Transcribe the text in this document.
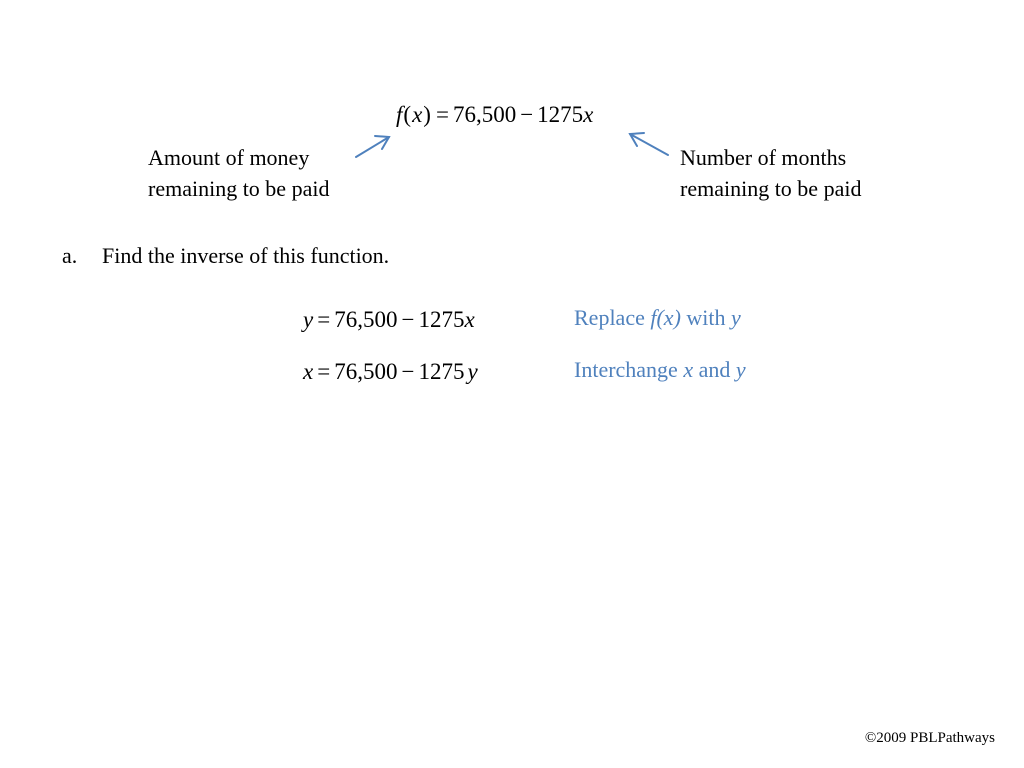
f(x) = 76,500 − 1275x
Amount of money
remaining to be paid
Number of months
remaining to be paid
a. Find the inverse of this function.
y = 76,500 − 1275x	Replace f(x) with y
x = 76,500 − 1275 y	Interchange x and y
©2009 PBLPathways
